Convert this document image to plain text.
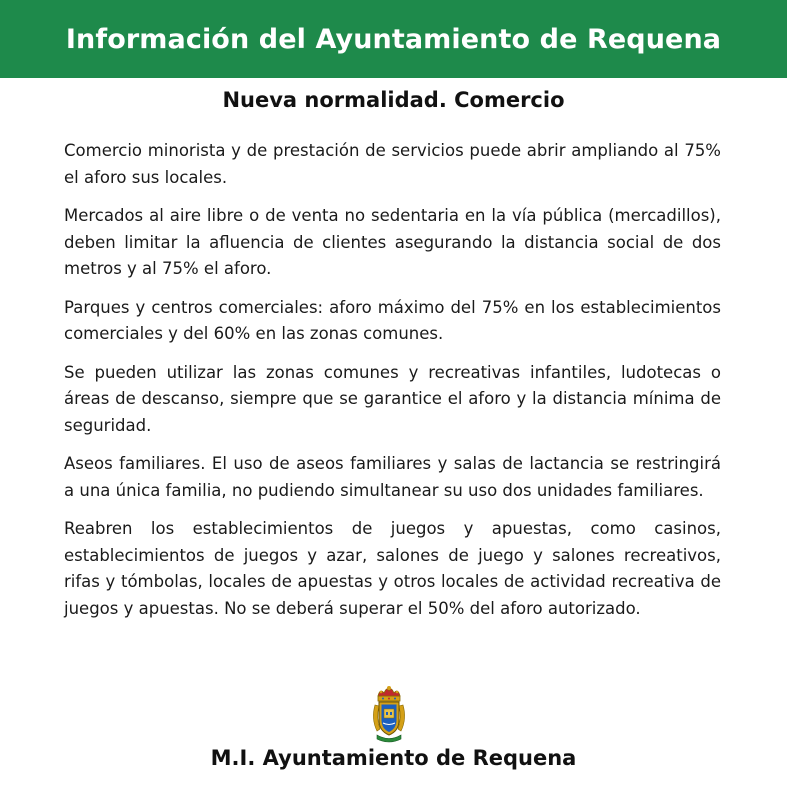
Información del Ayuntamiento de Requena
Nueva normalidad. Comercio

Comercio minorista y de prestación de servicios puede abrir ampliando al 75% el aforo sus locales.

Mercados al aire libre o de venta no sedentaria en la vía pública (mercadillos), deben limitar la afluencia de clientes asegurando la distancia social de dos metros y al 75% el aforo.

Parques y centros comerciales: aforo máximo del 75% en los establecimientos comerciales y del 60% en las zonas comunes.

Se pueden utilizar las zonas comunes y recreativas infantiles, ludotecas o áreas de descanso, siempre que se garantice el aforo y la distancia mínima de seguridad.

Aseos familiares. El uso de aseos familiares y salas de lactancia se restringirá a una única familia, no pudiendo simultanear su uso dos unidades familiares.

Reabren los establecimientos de juegos y apuestas, como casinos, establecimientos de juegos y azar, salones de juego y salones recreativos, rifas y tómbolas, locales de apuestas y otros locales de actividad recreativa de juegos y apuestas. No se deberá superar el 50% del aforo autorizado.

M.I. Ayuntamiento de Requena
